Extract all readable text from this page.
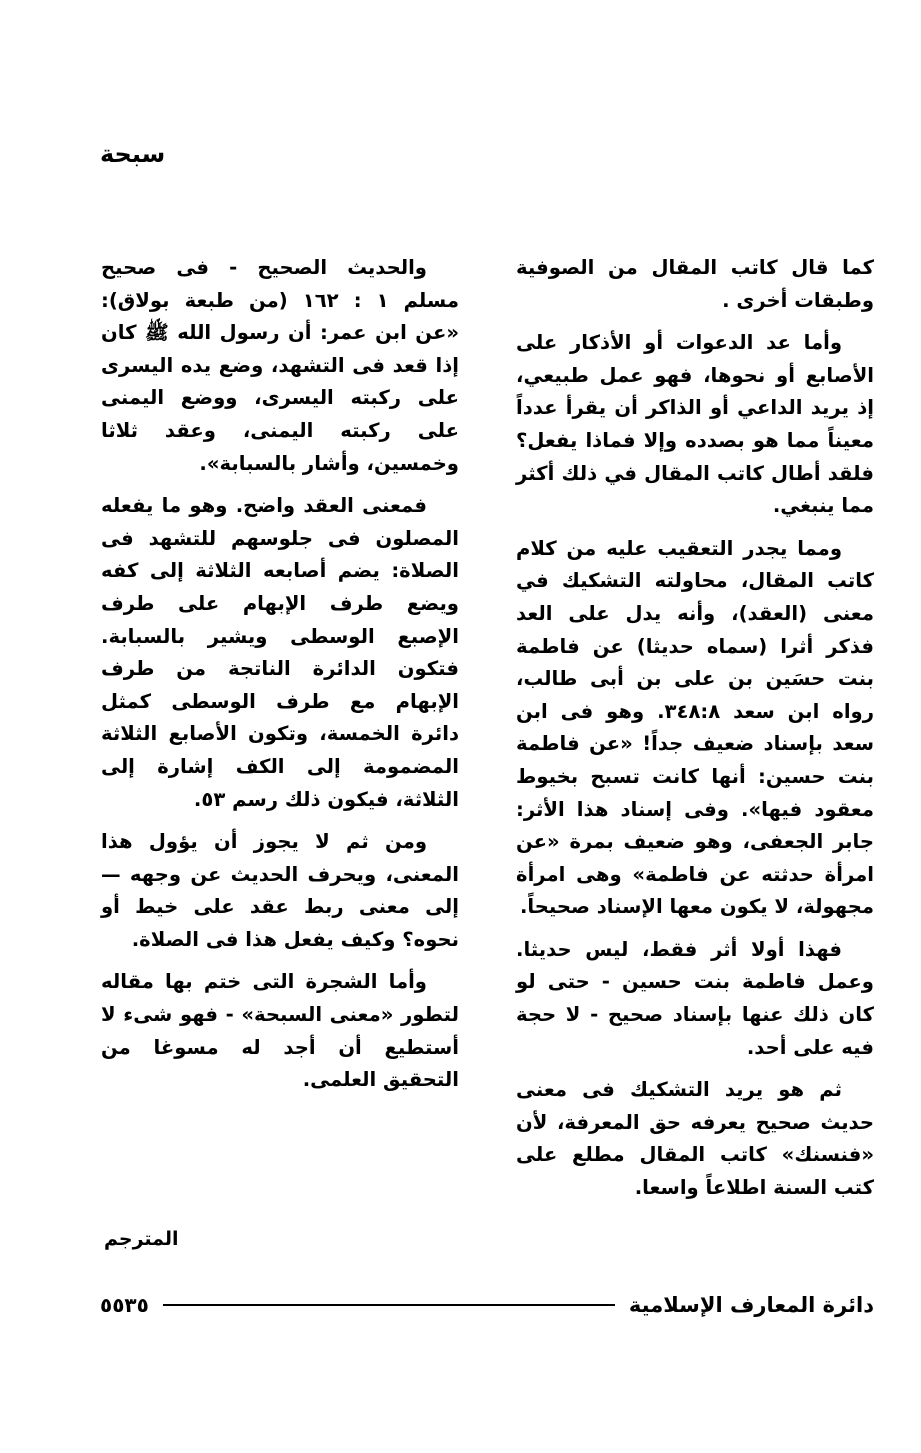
سبحة

كما قال كاتب المقال من الصوفية وطبقات أخرى .

وأما عد الدعوات أو الأذكار على الأصابع أو نحوها، فهو عمل طبيعي، إذ يريد الداعي أو الذاكر أن يقرأ عدداً معيناً مما هو بصدده وإلا فماذا يفعل؟ فلقد أطال كاتب المقال في ذلك أكثر مما ينبغي.

ومما يجدر التعقيب عليه من كلام كاتب المقال، محاولته التشكيك في معنى (العقد)، وأنه يدل على العد فذكر أثرا (سماه حديثا) عن فاطمة بنت حسَين بن على بن أبى طالب، رواه ابن سعد ٣٤٨:٨. وهو فى ابن سعد بإسناد ضعيف جداً! «عن فاطمة بنت حسين: أنها كانت تسبح بخيوط معقود فيها». وفى إسناد هذا الأثر: جابر الجعفى، وهو ضعيف بمرة «عن امرأة حدثته عن فاطمة» وهى امرأة مجهولة، لا يكون معها الإسناد صحيحاً.

فهذا أولا أثر فقط، ليس حديثا. وعمل فاطمة بنت حسين - حتى لو كان ذلك عنها بإسناد صحيح - لا حجة فيه على أحد.

ثم هو يريد التشكيك فى معنى حديث صحيح يعرفه حق المعرفة، لأن «فنسنك» كاتب المقال مطلع على كتب السنة اطلاعاً واسعا.

والحديث الصحيح - فى صحيح مسلم ١ : ١٦٢ (من طبعة بولاق): «عن ابن عمر: أن رسول الله ﷺ كان إذا قعد فى التشهد، وضع يده اليسرى على ركبته اليسرى، ووضع اليمنى على ركبته اليمنى، وعقد ثلاثا وخمسين، وأشار بالسبابة».

فمعنى العقد واضح. وهو ما يفعله المصلون فى جلوسهم للتشهد فى الصلاة: يضم أصابعه الثلاثة إلى كفه ويضع طرف الإبهام على طرف الإصبع الوسطى ويشير بالسبابة. فتكون الدائرة الناتجة من طرف الإبهام مع طرف الوسطى كمثل دائرة الخمسة، وتكون الأصابع الثلاثة المضمومة إلى الكف إشارة إلى الثلاثة، فيكون ذلك رسم ٥٣.

ومن ثم لا يجوز أن يؤول هذا المعنى، ويحرف الحديث عن وجهه — إلى معنى ربط عقد على خيط أو نحوه؟ وكيف يفعل هذا فى الصلاة.

وأما الشجرة التى ختم بها مقاله لتطور «معنى السبحة» - فهو شىء لا أستطيع أن أجد له مسوغا من التحقيق العلمى.

المترجم
دائرة المعارف الإسلامية
٥٥٣٥
